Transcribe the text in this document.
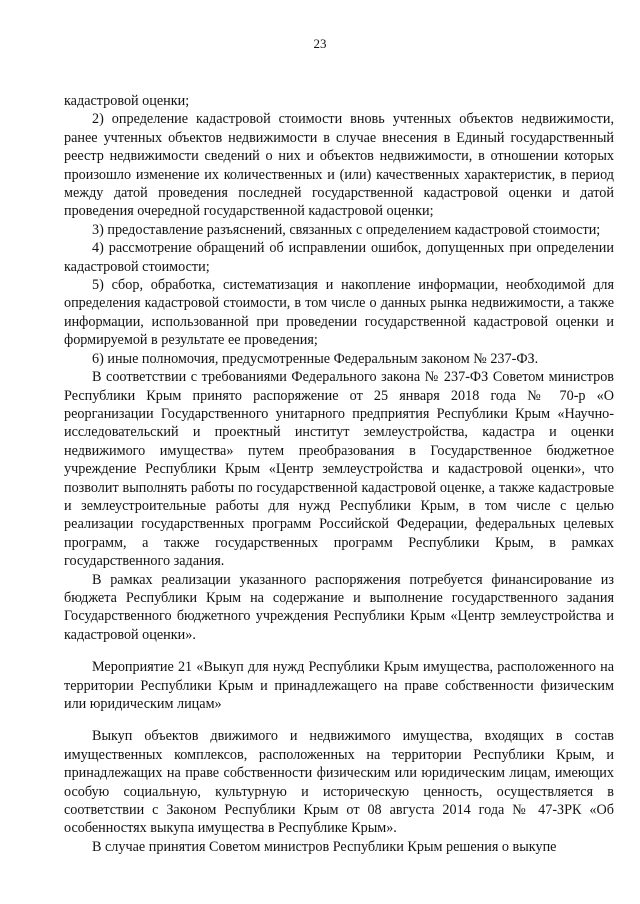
23

кадастровой оценки;

2) определение кадастровой стоимости вновь учтенных объектов недвижимости, ранее учтенных объектов недвижимости в случае внесения в Единый государственный реестр недвижимости сведений о них и объектов недвижимости, в отношении которых произошло изменение их количественных и (или) качественных характеристик, в период между датой проведения последней государственной кадастровой оценки и датой проведения очередной государственной кадастровой оценки;

3) предоставление разъяснений, связанных с определением кадастровой стоимости;

4) рассмотрение обращений об исправлении ошибок, допущенных при определении кадастровой стоимости;

5) сбор, обработка, систематизация и накопление информации, необходимой для определения кадастровой стоимости, в том числе о данных рынка недвижимости, а также информации, использованной при проведении государственной кадастровой оценки и формируемой в результате ее проведения;

6) иные полномочия, предусмотренные Федеральным законом № 237-ФЗ.

В соответствии с требованиями Федерального закона № 237-ФЗ Советом министров Республики Крым принято распоряжение от 25 января 2018 года № 70-р «О реорганизации Государственного унитарного предприятия Республики Крым «Научно-исследовательский и проектный институт землеустройства, кадастра и оценки недвижимого имущества» путем преобразования в Государственное бюджетное учреждение Республики Крым «Центр землеустройства и кадастровой оценки», что позволит выполнять работы по государственной кадастровой оценке, а также кадастровые и землеустроительные работы для нужд Республики Крым, в том числе с целью реализации государственных программ Российской Федерации, федеральных целевых программ, а также государственных программ Республики Крым, в рамках государственного задания.

В рамках реализации указанного распоряжения потребуется финансирование из бюджета Республики Крым на содержание и выполнение государственного задания Государственного бюджетного учреждения Республики Крым «Центр землеустройства и кадастровой оценки».

Мероприятие 21 «Выкуп для нужд Республики Крым имущества, расположенного на территории Республики Крым и принадлежащего на праве собственности физическим или юридическим лицам»

Выкуп объектов движимого и недвижимого имущества, входящих в состав имущественных комплексов, расположенных на территории Республики Крым, и принадлежащих на праве собственности физическим или юридическим лицам, имеющих особую социальную, культурную и историческую ценность, осуществляется в соответствии с Законом Республики Крым от 08 августа 2014 года № 47-ЗРК «Об особенностях выкупа имущества в Республике Крым».

В случае принятия Советом министров Республики Крым решения о выкупе
